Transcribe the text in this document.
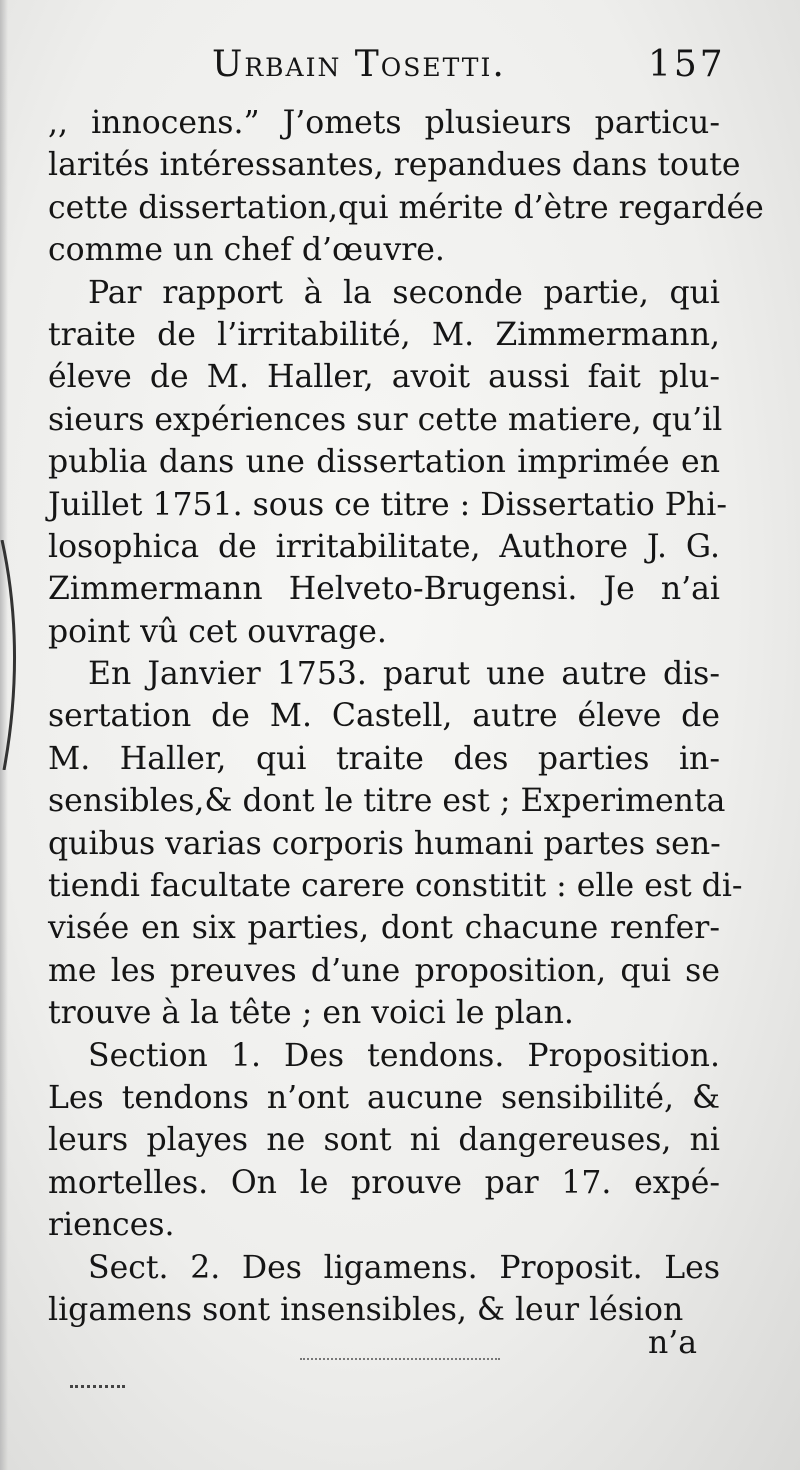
Urbain Tosetti.	157
,, innocens.” J’omets plusieurs particu-
larités intéressantes, repandues dans toute
cette dissertation,qui mérite d’ètre regardée
comme un chef d’œuvre.
Par rapport à la seconde partie, qui
traite de l’irritabilité, M. Zimmermann,
éleve de M. Haller, avoit aussi fait plu-
sieurs expériences sur cette matiere, qu’il
publia dans une dissertation imprimée en
Juillet 1751. sous ce titre : Dissertatio Phi-
losophica de irritabilitate, Authore J. G.
Zimmermann Helveto-Brugensi. Je n’ai
point vû cet ouvrage.
En Janvier 1753. parut une autre dis-
sertation de M. Castell, autre éleve de
M. Haller, qui traite des parties in-
sensibles,& dont le titre est ; Experimenta
quibus varias corporis humani partes sen-
tiendi facultate carere constitit : elle est di-
visée en six parties, dont chacune renfer-
me les preuves d’une proposition, qui se
trouve à la tête ; en voici le plan.
Section 1. Des tendons. Proposition.
Les tendons n’ont aucune sensibilité, &
leurs playes ne sont ni dangereuses, ni
mortelles. On le prouve par 17. expé-
riences.
Sect. 2. Des ligamens. Proposit. Les
ligamens sont insensibles, & leur lésion
n’a
